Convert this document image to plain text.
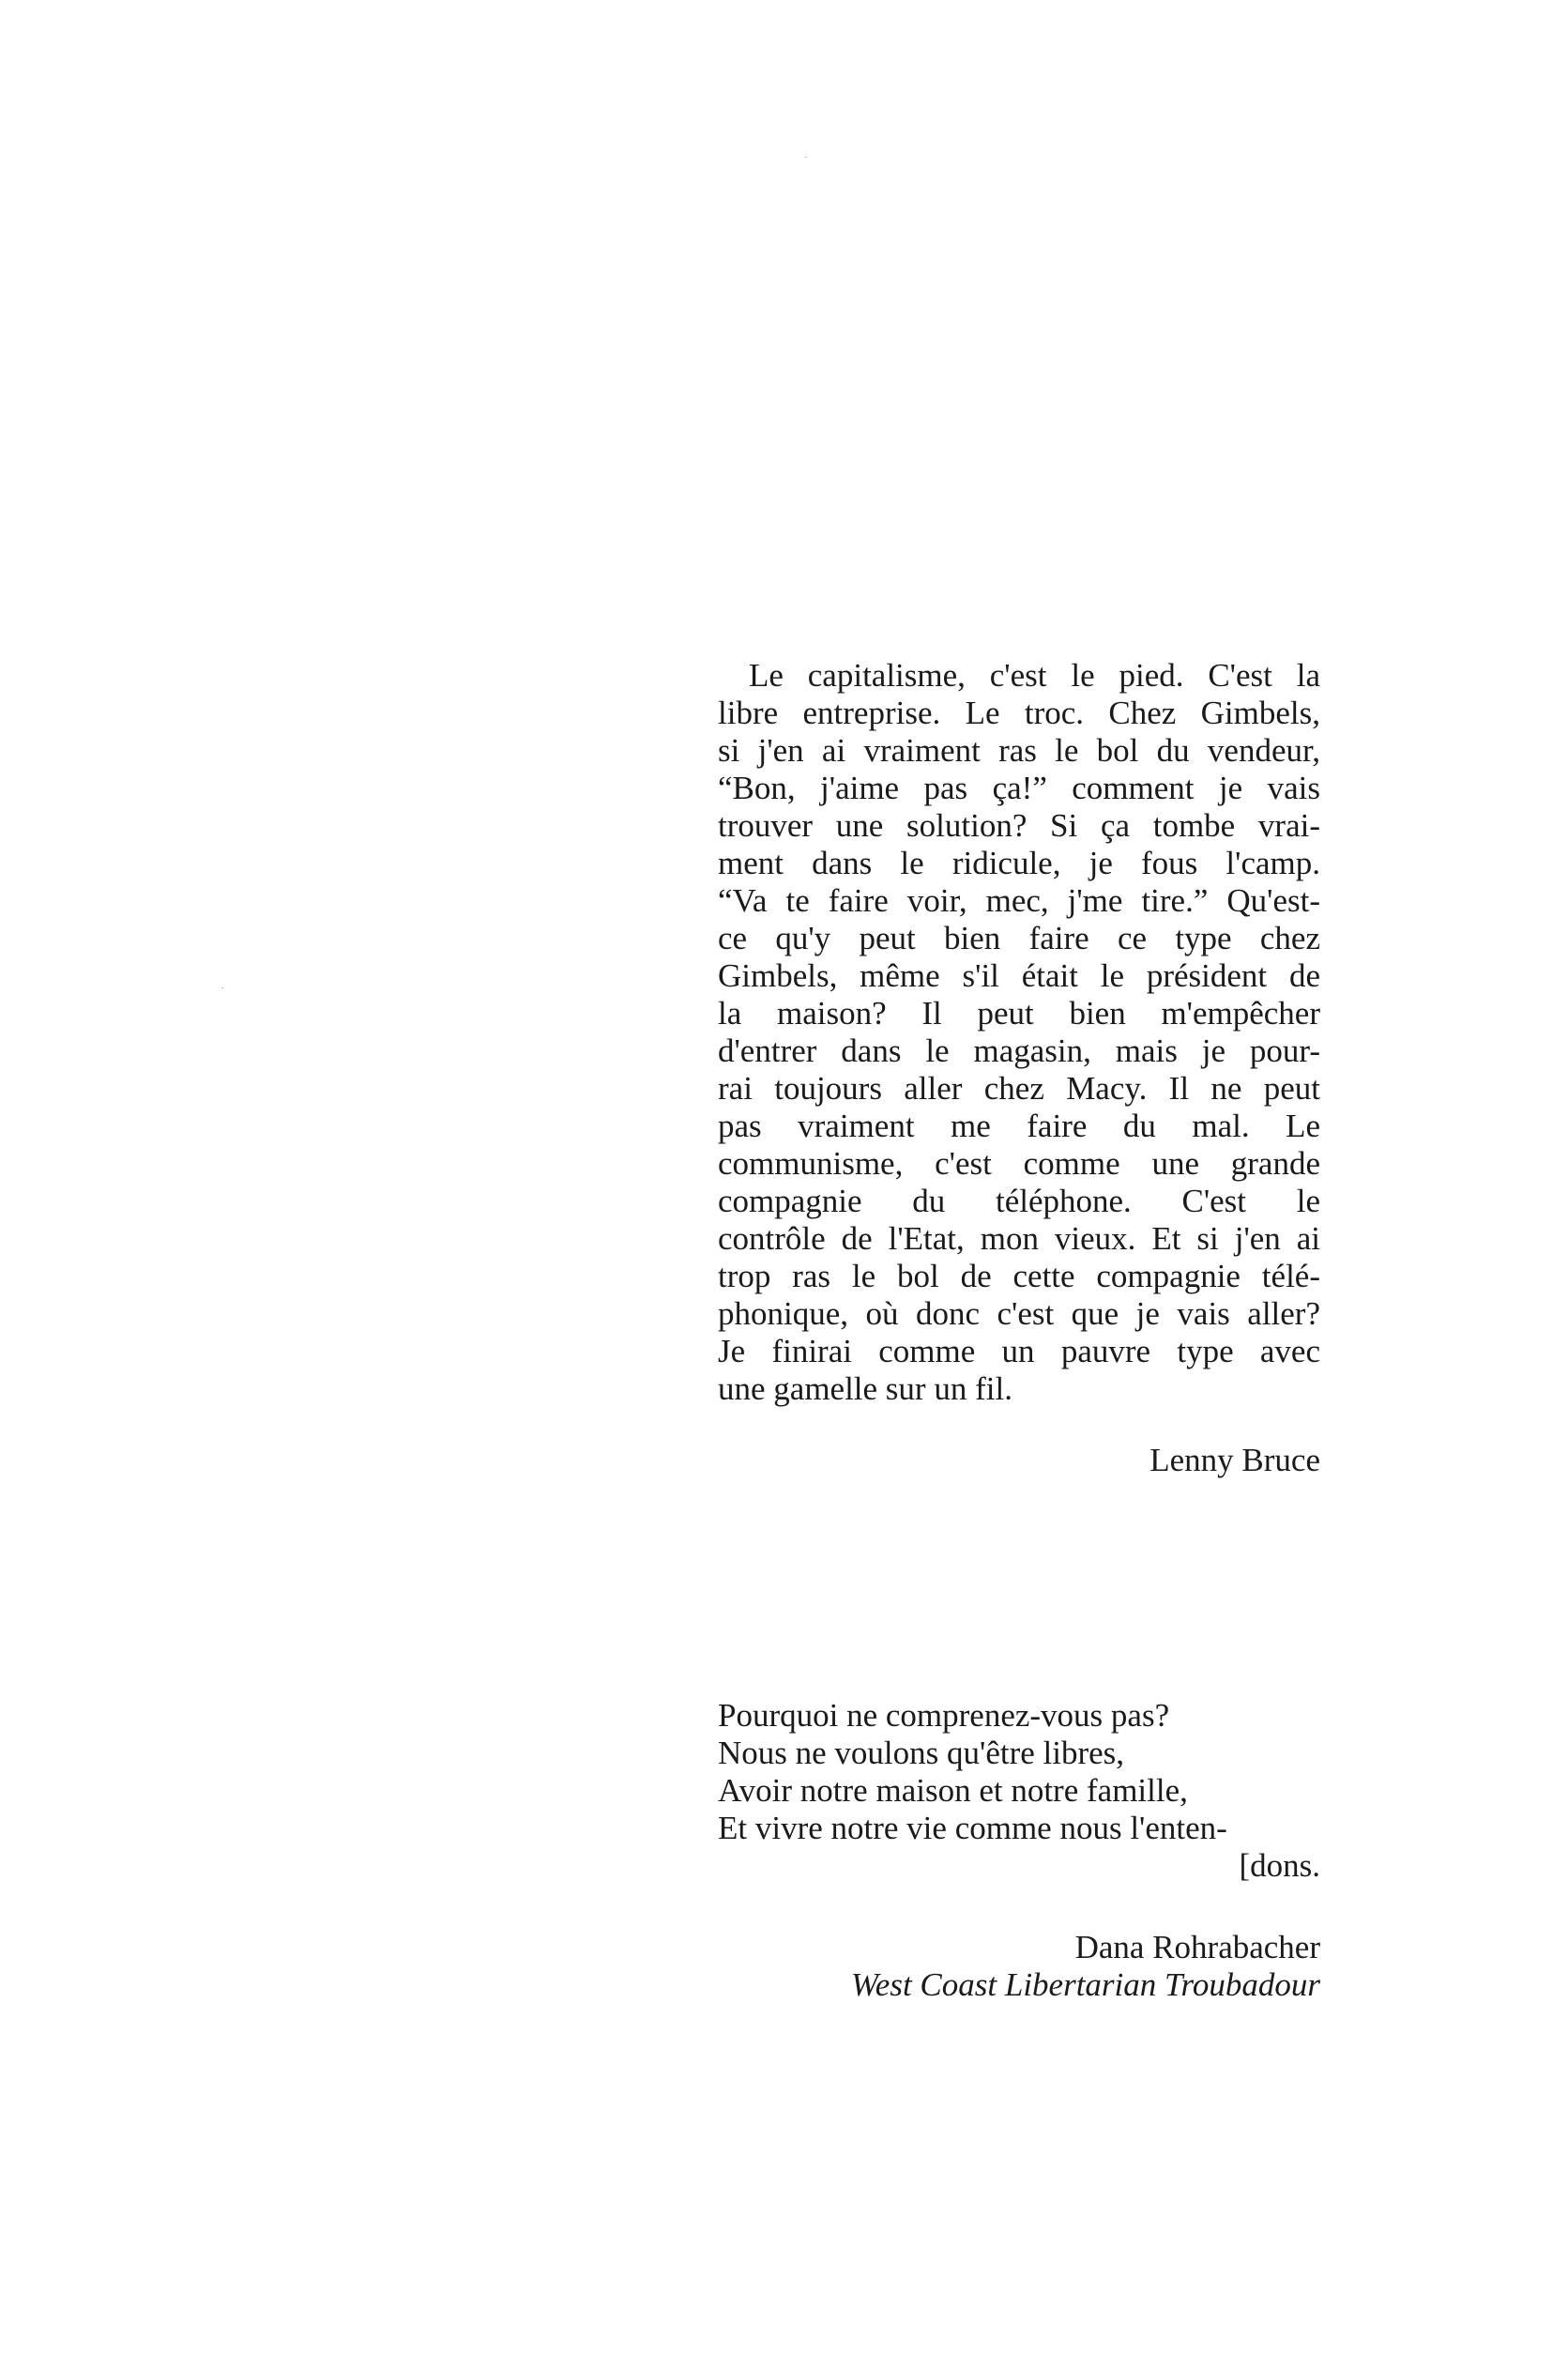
Le capitalisme, c'est le pied. C'est la
libre entreprise. Le troc. Chez Gimbels,
si j'en ai vraiment ras le bol du vendeur,
“Bon, j'aime pas ça!” comment je vais
trouver une solution? Si ça tombe vrai-
ment dans le ridicule, je fous l'camp.
“Va te faire voir, mec, j'me tire.” Qu'est-
ce qu'y peut bien faire ce type chez
Gimbels, même s'il était le président de
la maison? Il peut bien m'empêcher
d'entrer dans le magasin, mais je pour-
rai toujours aller chez Macy. Il ne peut
pas vraiment me faire du mal. Le
communisme, c'est comme une grande
compagnie du téléphone. C'est le
contrôle de l'Etat, mon vieux. Et si j'en ai
trop ras le bol de cette compagnie télé-
phonique, où donc c'est que je vais aller?
Je finirai comme un pauvre type avec
une gamelle sur un fil.
Lenny Bruce
Pourquoi ne comprenez-vous pas?
Nous ne voulons qu'être libres,
Avoir notre maison et notre famille,
Et vivre notre vie comme nous l'enten-
[dons.
Dana Rohrabacher
West Coast Libertarian Troubadour
